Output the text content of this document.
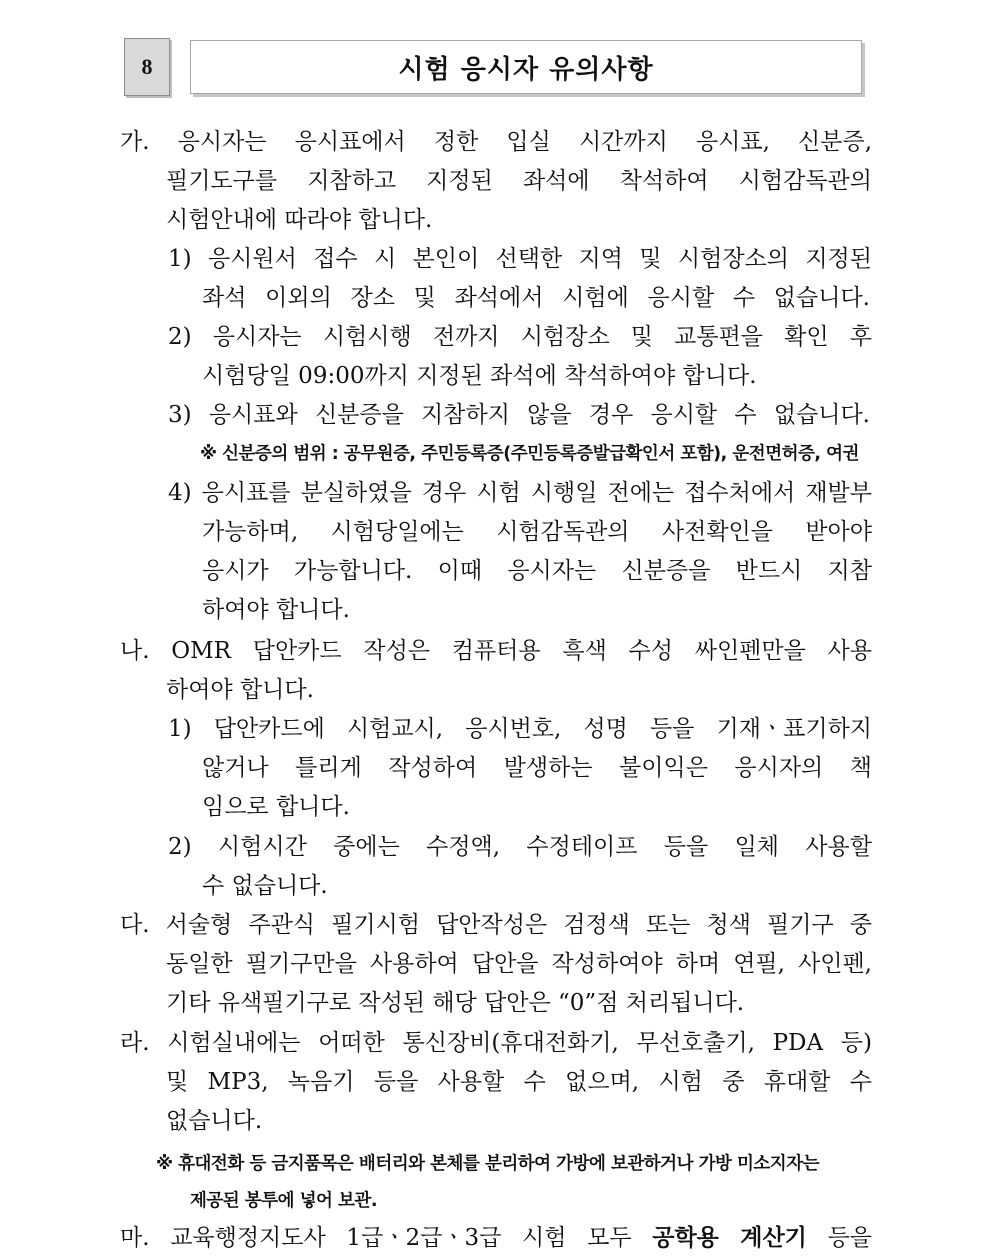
8	시험 응시자 유의사항
가. 응시자는 응시표에서 정한 입실 시간까지 응시표, 신분증,
필기도구를 지참하고 지정된 좌석에 착석하여 시험감독관의
시험안내에 따라야 합니다.
1) 응시원서 접수 시 본인이 선택한 지역 및 시험장소의 지정된
좌석 이외의 장소 및 좌석에서 시험에 응시할 수 없습니다.
2) 응시자는 시험시행 전까지 시험장소 및 교통편을 확인 후
시험당일 09:00까지 지정된 좌석에 착석하여야 합니다.
3) 응시표와 신분증을 지참하지 않을 경우 응시할 수 없습니다.
※ 신분증의 범위 : 공무원증, 주민등록증(주민등록증발급확인서 포함), 운전면허증, 여권
4) 응시표를 분실하였을 경우 시험 시행일 전에는 접수처에서 재발부
가능하며, 시험당일에는 시험감독관의 사전확인을 받아야
응시가 가능합니다. 이때 응시자는 신분증을 반드시 지참
하여야 합니다.
나. OMR 답안카드 작성은 컴퓨터용 흑색 수성 싸인펜만을 사용
하여야 합니다.
1) 답안카드에 시험교시, 응시번호, 성명 등을 기재ㆍ표기하지
않거나 틀리게 작성하여 발생하는 불이익은 응시자의 책
임으로 합니다.
2) 시험시간 중에는 수정액, 수정테이프 등을 일체 사용할
수 없습니다.
다. 서술형 주관식 필기시험 답안작성은 검정색 또는 청색 필기구 중
동일한 필기구만을 사용하여 답안을 작성하여야 하며 연필, 사인펜,
기타 유색필기구로 작성된 해당 답안은 “0”점 처리됩니다.
라. 시험실내에는 어떠한 통신장비(휴대전화기, 무선호출기, PDA 등)
및 MP3, 녹음기 등을 사용할 수 없으며, 시험 중 휴대할 수
없습니다.
※ 휴대전화 등 금지품목은 배터리와 본체를 분리하여 가방에 보관하거나 가방 미소지자는
제공된 봉투에 넣어 보관.
마. 교육행정지도사 1급ㆍ2급ㆍ3급 시험 모두 공학용 계산기 등을
